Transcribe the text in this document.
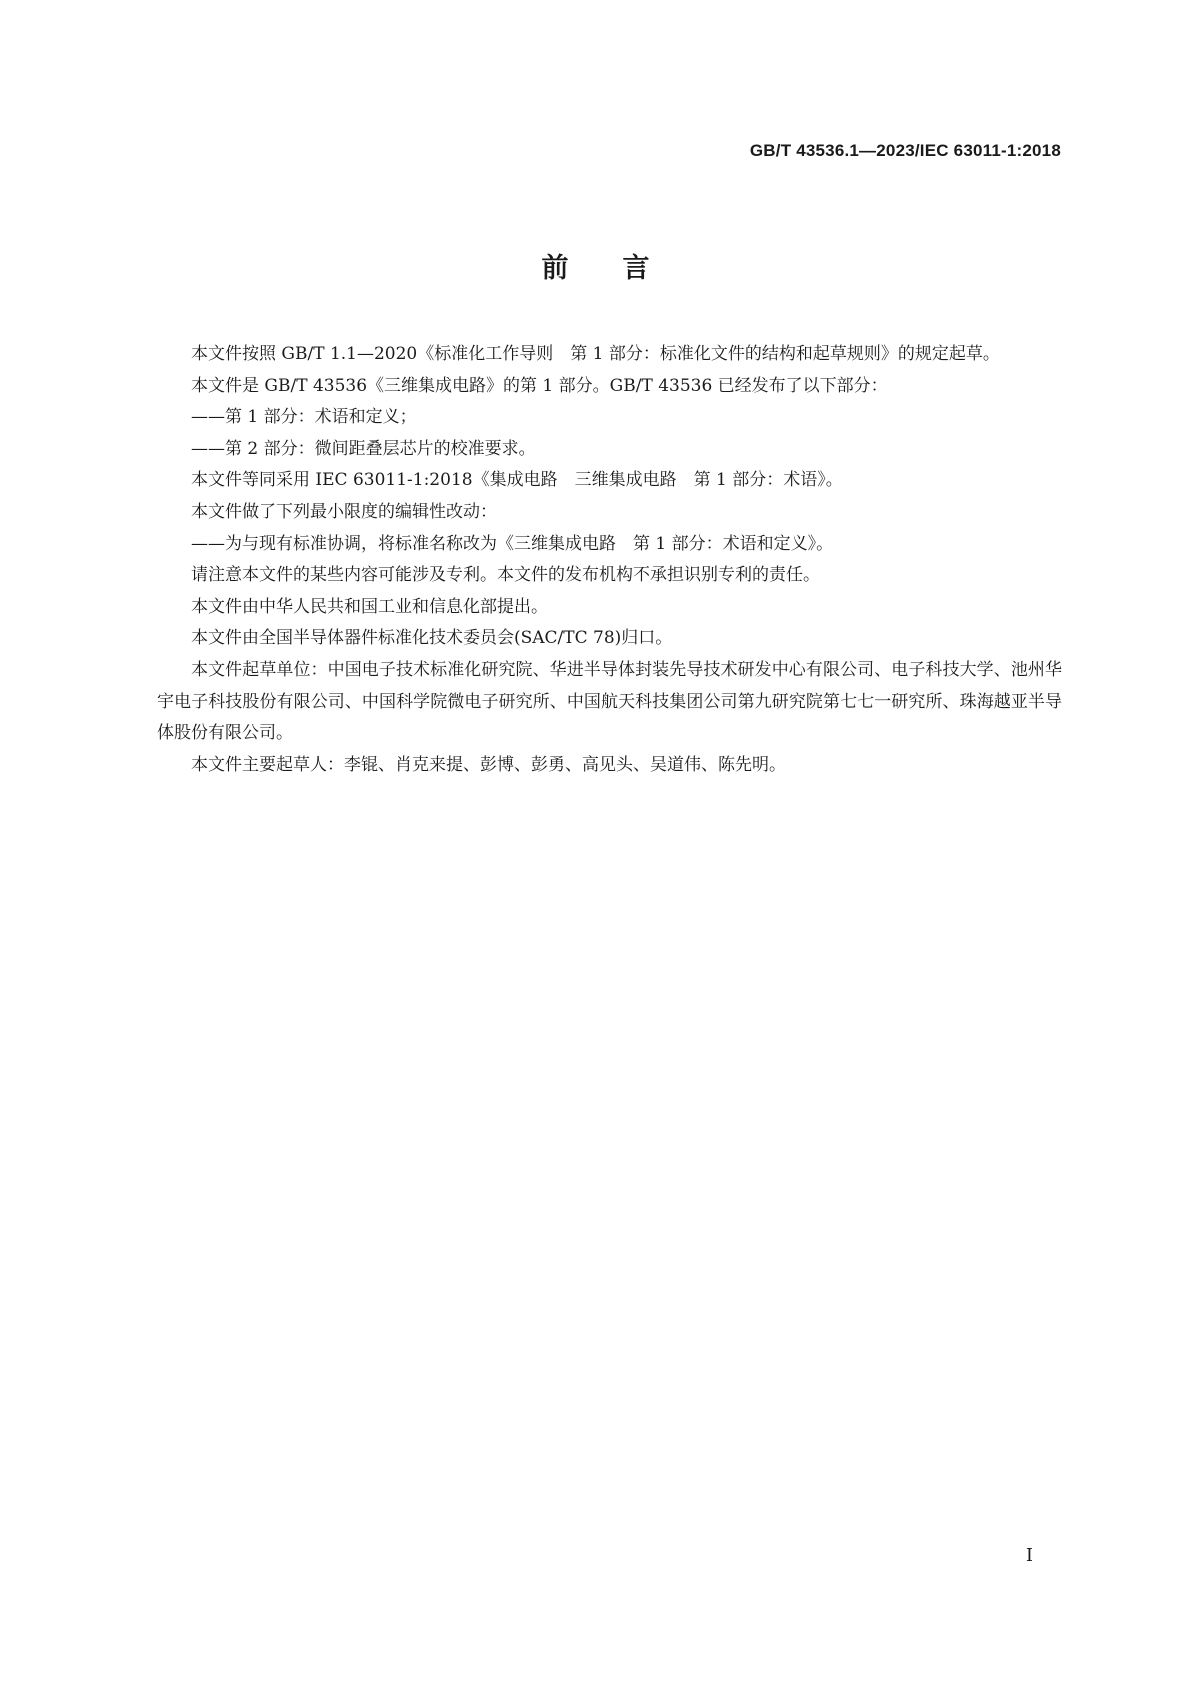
GB/T 43536.1—2023/IEC 63011-1:2018
前言

本文件按照 GB/T 1.1—2020《标准化工作导则　第 1 部分：标准化文件的结构和起草规则》的规定起草。

本文件是 GB/T 43536《三维集成电路》的第 1 部分。GB/T 43536 已经发布了以下部分：

——第 1 部分：术语和定义；

——第 2 部分：微间距叠层芯片的校准要求。

本文件等同采用 IEC 63011-1:2018《集成电路　三维集成电路　第 1 部分：术语》。

本文件做了下列最小限度的编辑性改动：

——为与现有标准协调，将标准名称改为《三维集成电路　第 1 部分：术语和定义》。

请注意本文件的某些内容可能涉及专利。本文件的发布机构不承担识别专利的责任。

本文件由中华人民共和国工业和信息化部提出。

本文件由全国半导体器件标准化技术委员会(SAC/TC 78)归口。

本文件起草单位：中国电子技术标准化研究院、华进半导体封装先导技术研发中心有限公司、电子科技大学、池州华宇电子科技股份有限公司、中国科学院微电子研究所、中国航天科技集团公司第九研究院第七七一研究所、珠海越亚半导体股份有限公司。

本文件主要起草人：李锟、肖克来提、彭博、彭勇、高见头、吴道伟、陈先明。

I
